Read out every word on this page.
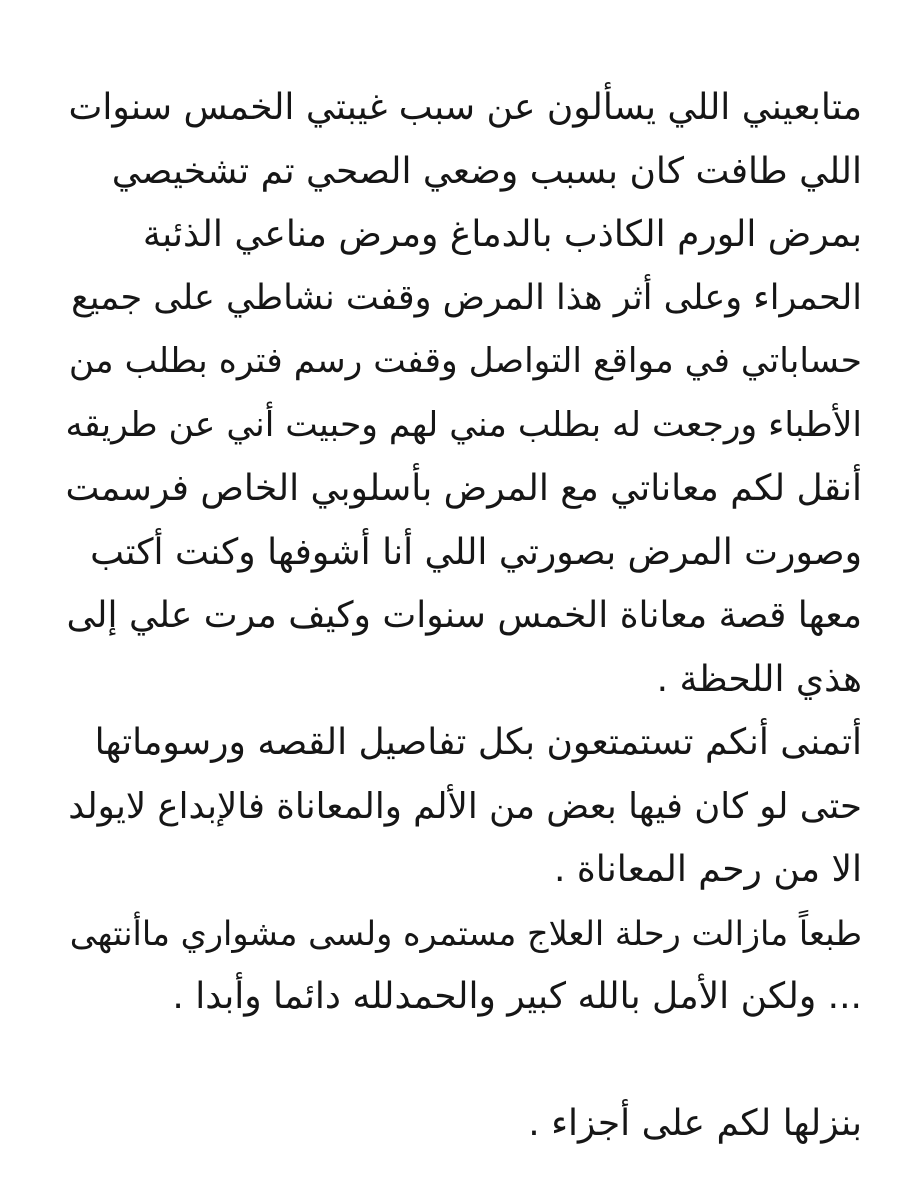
متابعيني اللي يسألون عن سبب غيبتي الخمس سنوات
اللي طافت كان بسبب وضعي الصحي تم تشخيصي
بمرض الورم الكاذب بالدماغ ومرض مناعي الذئبة
الحمراء وعلى أثر هذا المرض وقفت نشاطي على جميع
حساباتي في مواقع التواصل وقفت رسم فتره بطلب من
الأطباء ورجعت له بطلب مني لهم وحبيت أني عن طريقه
أنقل لكم معاناتي مع المرض بأسلوبي الخاص فرسمت
وصورت المرض بصورتي اللي أنا أشوفها وكنت أكتب
معها قصة معاناة الخمس سنوات وكيف مرت علي إلى
هذي اللحظة .
أتمنى أنكم تستمتعون بكل تفاصيل القصه ورسوماتها
حتى لو كان فيها بعض من الألم والمعاناة فالإبداع لايولد
الا من رحم المعاناة .
طبعاً مازالت رحلة العلاج مستمره ولسى مشواري ماأنتهى
... ولكن الأمل بالله كبير والحمدلله دائما وأبدا .
بنزلها لكم على أجزاء .
